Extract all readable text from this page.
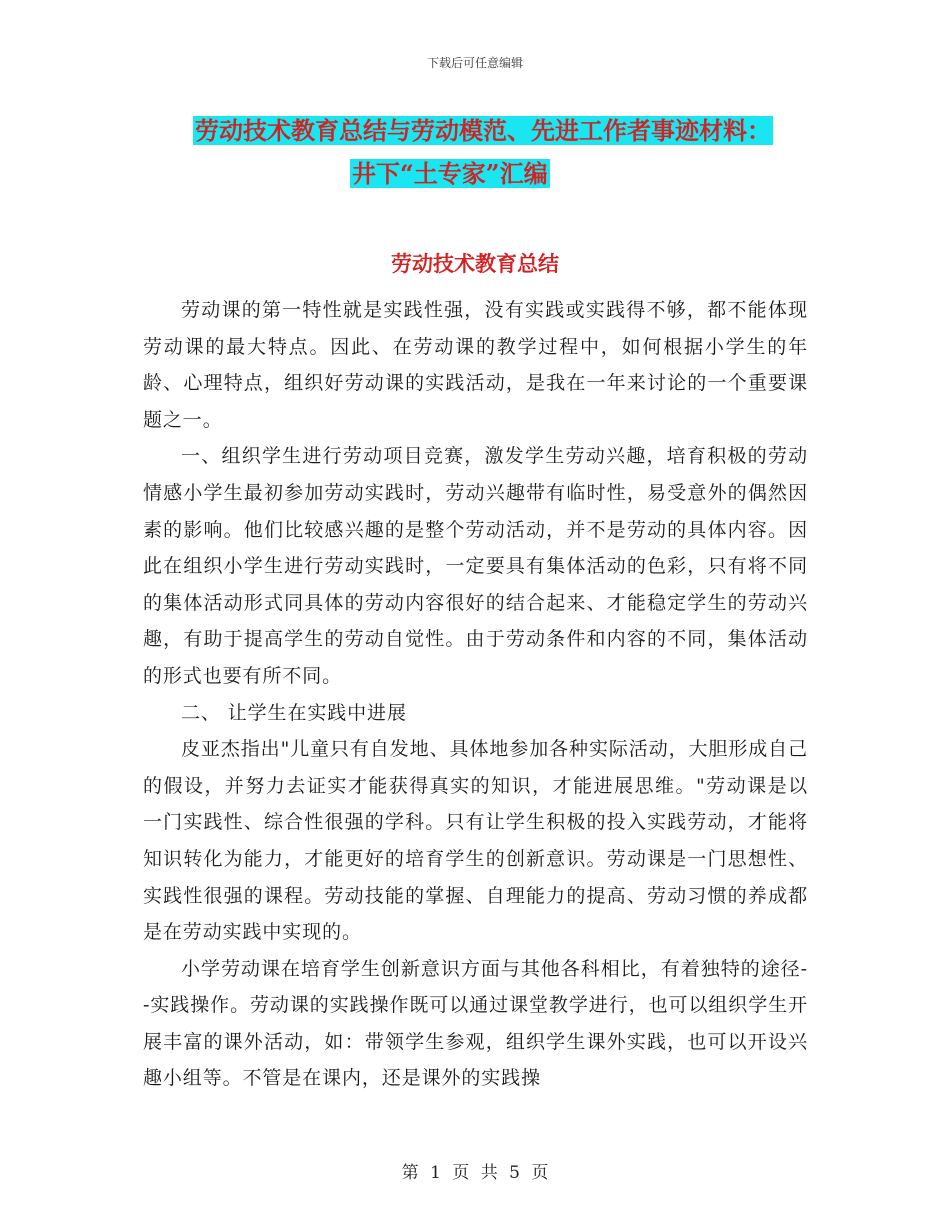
下载后可任意编辑
劳动技术教育总结与劳动模范、先进工作者事迹材料：
井下“土专家”汇编
劳动技术教育总结

劳动课的第一特性就是实践性强，没有实践或实践得不够，都不能体现劳动课的最大特点。因此、在劳动课的教学过程中，如何根据小学生的年龄、心理特点，组织好劳动课的实践活动，是我在一年来讨论的一个重要课题之一。

一、组织学生进行劳动项目竞赛，激发学生劳动兴趣，培育积极的劳动情感小学生最初参加劳动实践时，劳动兴趣带有临时性，易受意外的偶然因素的影响。他们比较感兴趣的是整个劳动活动，并不是劳动的具体内容。因此在组织小学生进行劳动实践时，一定要具有集体活动的色彩，只有将不同的集体活动形式同具体的劳动内容很好的结合起来、才能稳定学生的劳动兴趣，有助于提高学生的劳动自觉性。由于劳动条件和内容的不同，集体活动的形式也要有所不同。

二、 让学生在实践中进展

皮亚杰指出"儿童只有自发地、具体地参加各种实际活动，大胆形成自己的假设，并努力去证实才能获得真实的知识，才能进展思维。"劳动课是以一门实践性、综合性很强的学科。只有让学生积极的投入实践劳动，才能将知识转化为能力，才能更好的培育学生的创新意识。劳动课是一门思想性、实践性很强的课程。劳动技能的掌握、自理能力的提高、劳动习惯的养成都是在劳动实践中实现的。

小学劳动课在培育学生创新意识方面与其他各科相比，有着独特的途径--实践操作。劳动课的实践操作既可以通过课堂教学进行，也可以组织学生开展丰富的课外活动，如：带领学生参观，组织学生课外实践，也可以开设兴趣小组等。不管是在课内，还是课外的实践操

第 1 页 共 5 页
